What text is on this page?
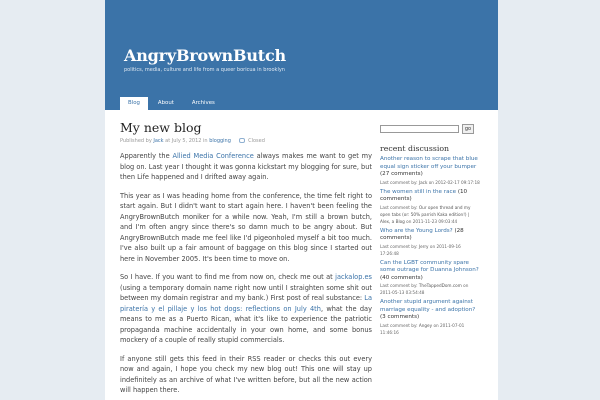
AngryBrownButch
politics, media, culture and life from a queer boricua in brooklyn
Blog	About	Archives
My new blog
Published by Jack at July 5, 2012 in blogging	Closed

Apparently the Allied Media Conference always makes me want to get my blog on. Last year I thought it was gonna kickstart my blogging for sure, but then Life happened and I drifted away again.

This year as I was heading home from the conference, the time felt right to start again. But I didn't want to start again here. I haven't been feeling the AngryBrownButch moniker for a while now. Yeah, I'm still a brown butch, and I'm often angry since there's so damn much to be angry about. But AngryBrownButch made me feel like I'd pigeonholed myself a bit too much. I've also built up a fair amount of baggage on this blog since I started out here in November 2005. It's been time to move on.

So I have. If you want to find me from now on, check me out at jackalop.es (using a temporary domain name right now until I straighten some shit out between my domain registrar and my bank.) First post of real substance: La piratería y el pillaje y los hot dogs: reflections on July 4th, what the day means to me as a Puerto Rican, what it's like to experience the patriotic propaganda machine accidentally in your own home, and some bonus mockery of a couple of really stupid commercials.

If anyone still gets this feed in their RSS reader or checks this out every now and again, I hope you check my new blog out! This one will stay up indefinitely as an archive of what I've written before, but all the new action will happen there.

go
recent discussion
Another reason to scrape that blue equal sign sticker off your bumper (27 comments)
Last comment by: Jack on 2012-02-17 09:17:18
The women still in the race (10 comments)
Last comment by: Our open thread and my open tabs (or: 50% parrish Kaka edition!) | Alex, a Blog on 2011-11-23 09:03:44
Who are the Young Lords? (28 comments)
Last comment by: Jerry on 2011-09-16 17:26:48
Can the LGBT community spare some outrage for Duanna Johnson? (40 comments)
Last comment by: TheTappedDom.com on 2011-05-13 03:54:48
Another stupid argument against marriage equality - and adoption? (3 comments)
Last comment by: Angey on 2011-07-01 11:46:16
